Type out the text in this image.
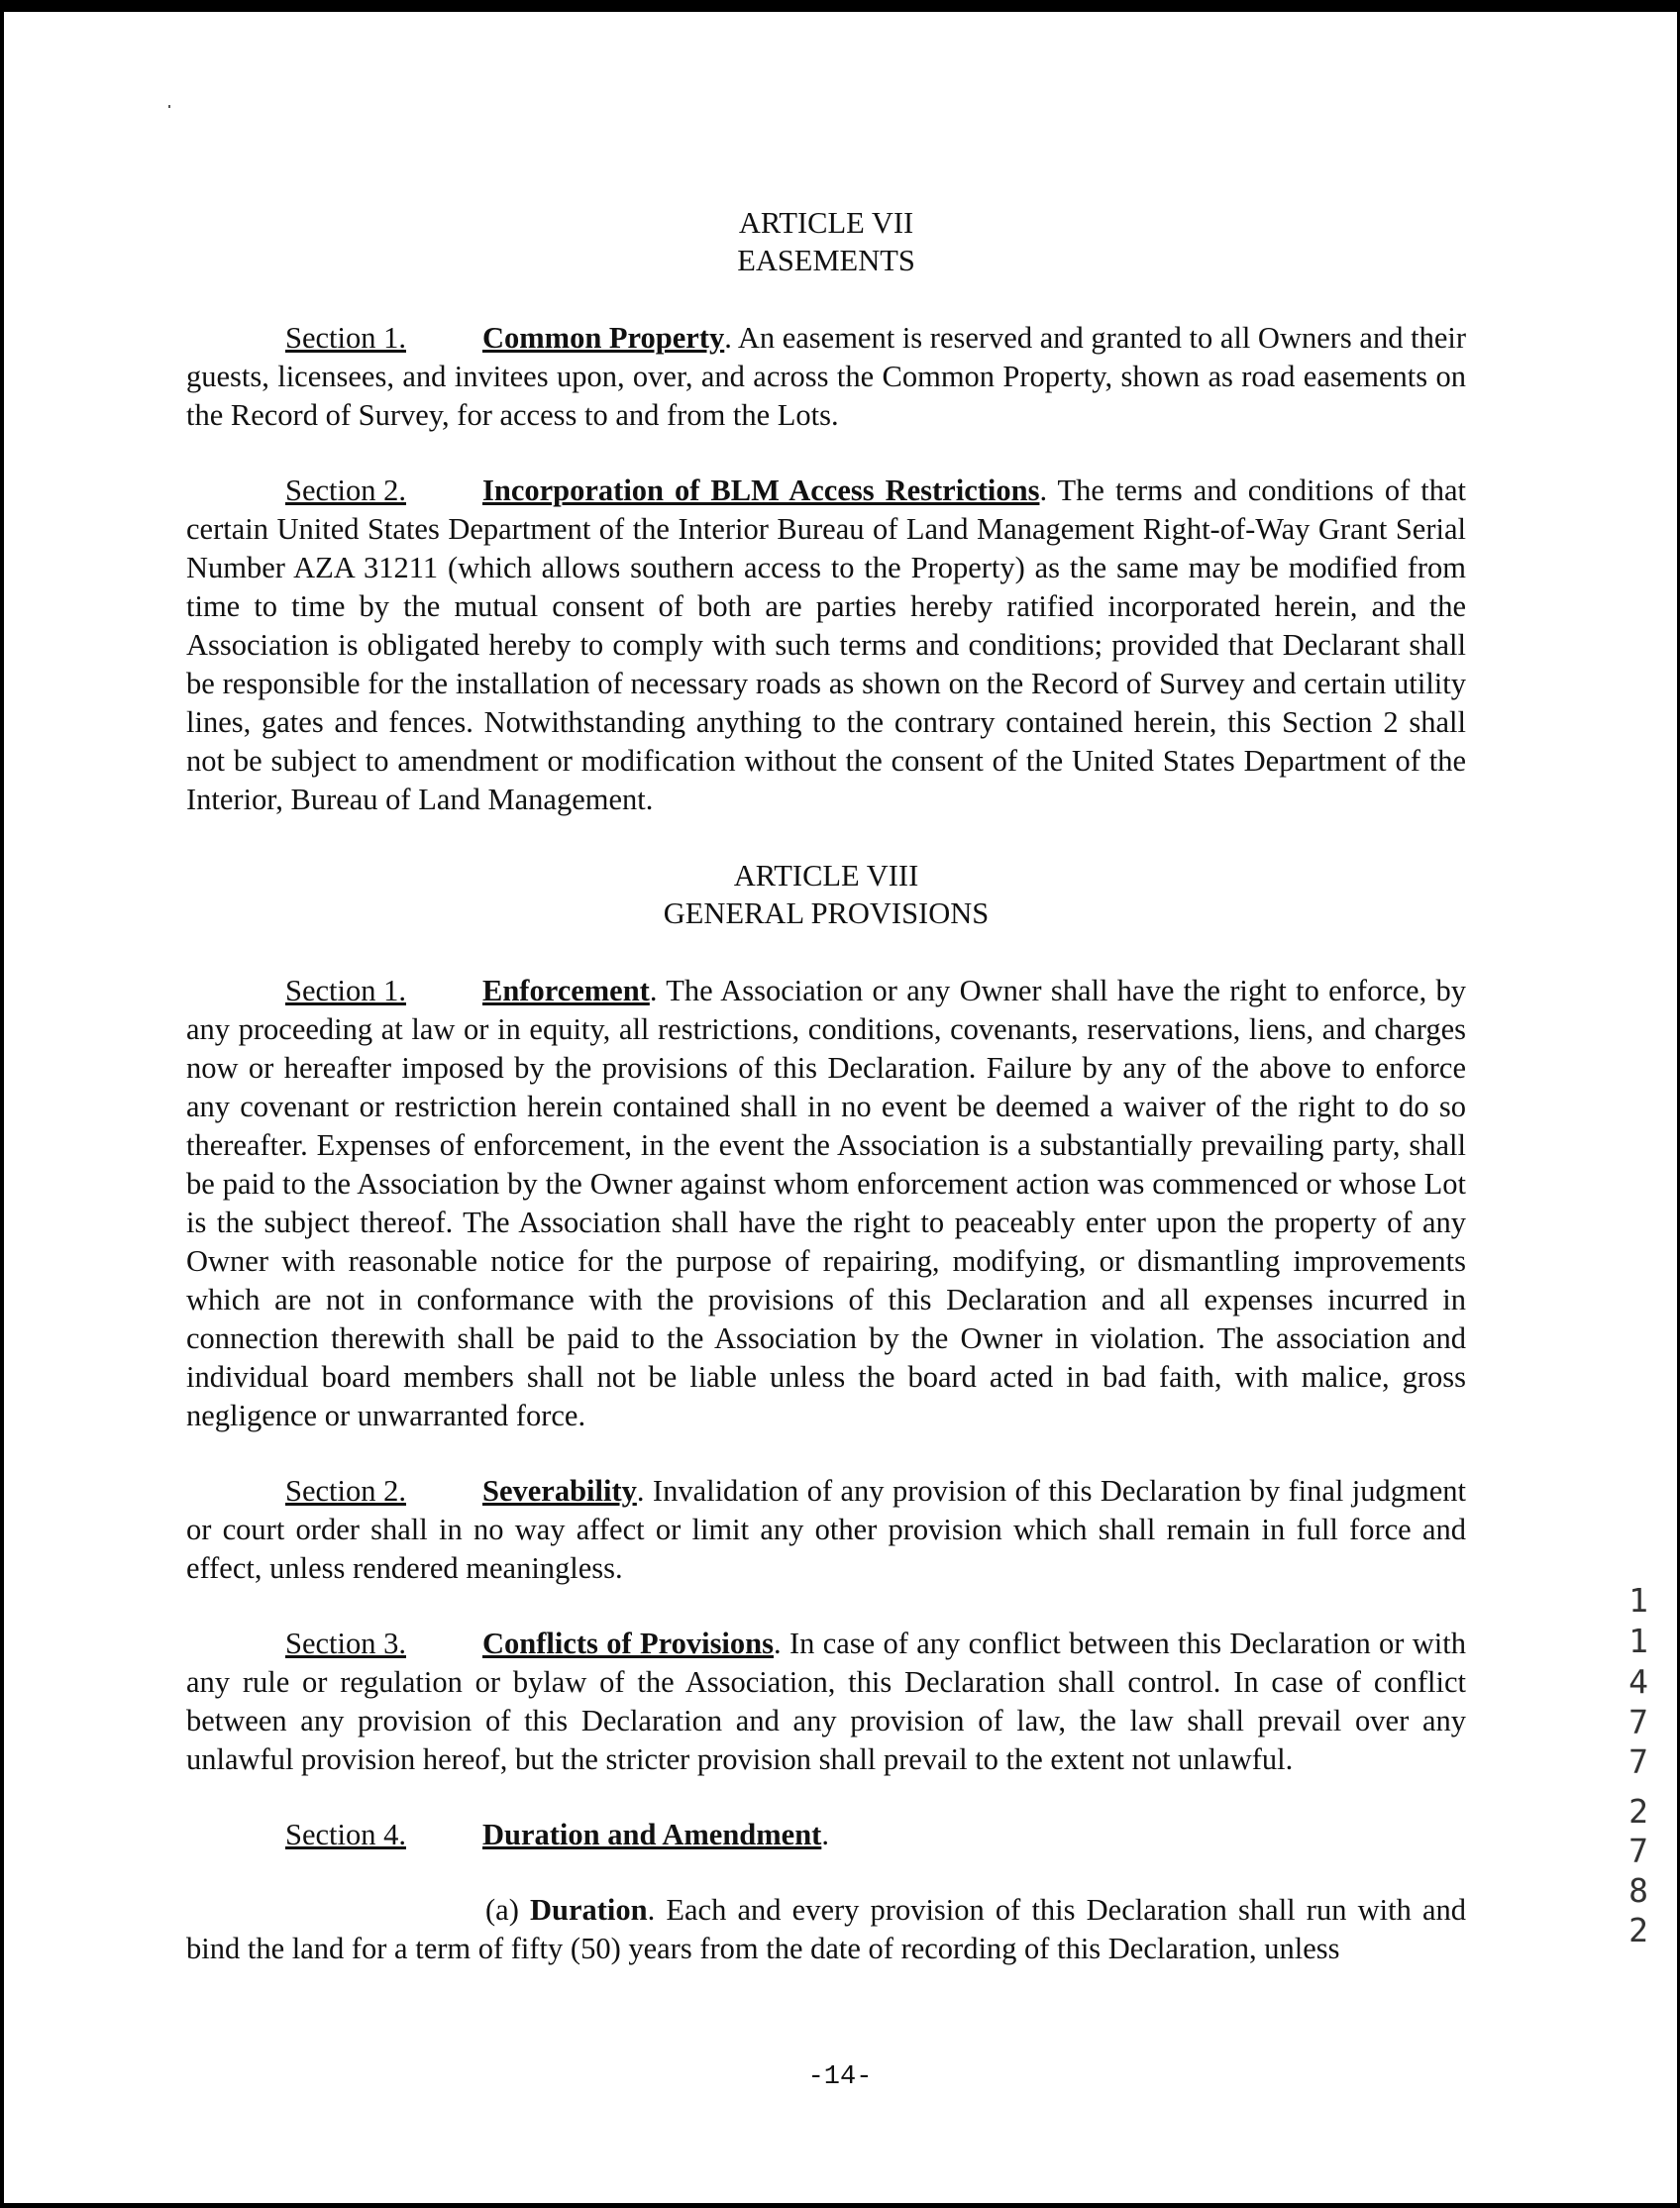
ARTICLE VII
EASEMENTS

Section 1.	Common Property. An easement is reserved and granted to all Owners and their guests, licensees, and invitees upon, over, and across the Common Property, shown as road easements on the Record of Survey, for access to and from the Lots.

Section 2.	Incorporation of BLM Access Restrictions. The terms and conditions of that certain United States Department of the Interior Bureau of Land Management Right-of-Way Grant Serial Number AZA 31211 (which allows southern access to the Property) as the same may be modified from time to time by the mutual consent of both are parties hereby ratified incorporated herein, and the Association is obligated hereby to comply with such terms and conditions; provided that Declarant shall be responsible for the installation of necessary roads as shown on the Record of Survey and certain utility lines, gates and fences. Notwithstanding anything to the contrary contained herein, this Section 2 shall not be subject to amendment or modification without the consent of the United States Department of the Interior, Bureau of Land Management.

ARTICLE VIII
GENERAL PROVISIONS

Section 1.	Enforcement. The Association or any Owner shall have the right to enforce, by any proceeding at law or in equity, all restrictions, conditions, covenants, reservations, liens, and charges now or hereafter imposed by the provisions of this Declaration. Failure by any of the above to enforce any covenant or restriction herein contained shall in no event be deemed a waiver of the right to do so thereafter. Expenses of enforcement, in the event the Association is a substantially prevailing party, shall be paid to the Association by the Owner against whom enforcement action was commenced or whose Lot is the subject thereof. The Association shall have the right to peaceably enter upon the property of any Owner with reasonable notice for the purpose of repairing, modifying, or dismantling improvements which are not in conformance with the provisions of this Declaration and all expenses incurred in connection therewith shall be paid to the Association by the Owner in violation. The association and individual board members shall not be liable unless the board acted in bad faith, with malice, gross negligence or unwarranted force.

Section 2.	Severability. Invalidation of any provision of this Declaration by final judgment or court order shall in no way affect or limit any other provision which shall remain in full force and effect, unless rendered meaningless.

Section 3.	Conflicts of Provisions. In case of any conflict between this Declaration or with any rule or regulation or bylaw of the Association, this Declaration shall control. In case of conflict between any provision of this Declaration and any provision of law, the law shall prevail over any unlawful provision hereof, but the stricter provision shall prevail to the extent not unlawful.

Section 4.	Duration and Amendment.

(a) Duration. Each and every provision of this Declaration shall run with and bind the land for a term of fifty (50) years from the date of recording of this Declaration, unless

-14-
1
1
4
7
7
2
7
8
2
